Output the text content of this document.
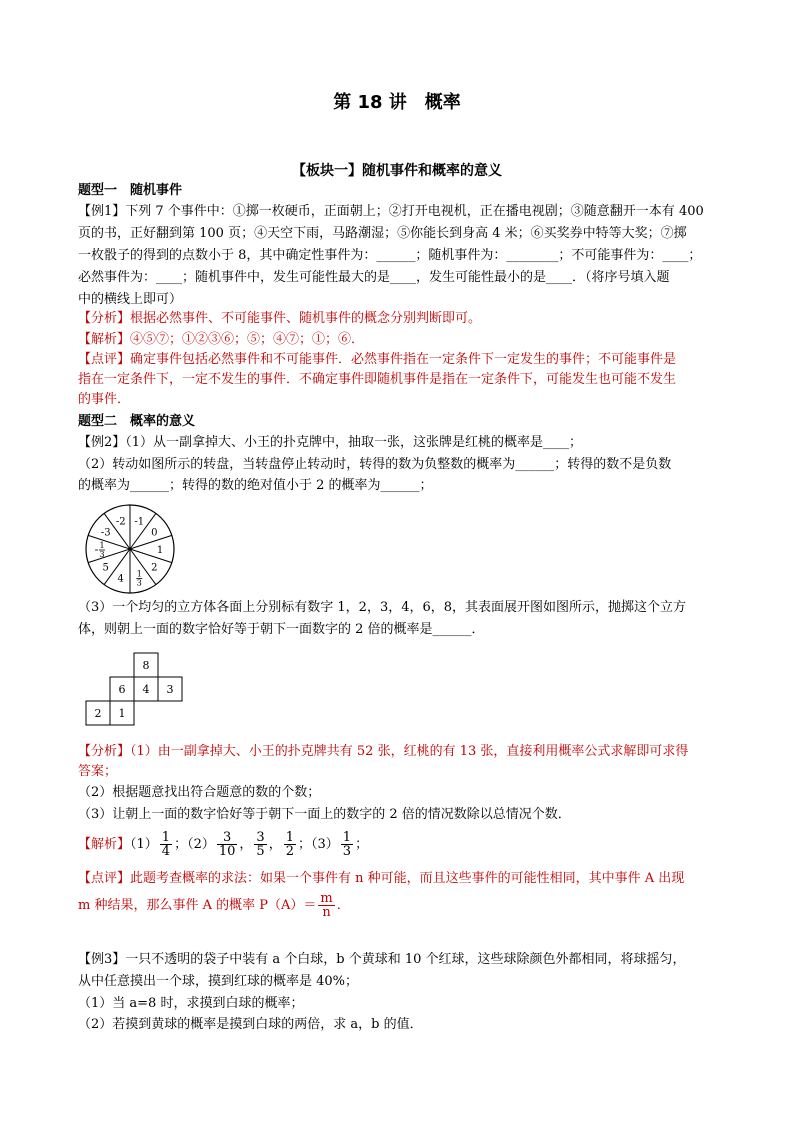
第 18 讲　概率
【板块一】随机事件和概率的意义
题型一　随机事件
【例1】下列 7 个事件中：①掷一枚硬币，正面朝上；②打开电视机，正在播电视剧；③随意翻开一本有 400
页的书，正好翻到第 100 页；④天空下雨，马路潮湿；⑤你能长到身高 4 米；⑥买奖券中特等大奖；⑦掷
一枚骰子的得到的点数小于 8，其中确定性事件为：______；随机事件为：________；不可能事件为：____；
必然事件为：____；随机事件中，发生可能性最大的是____，发生可能性最小的是____．（将序号填入题
中的横线上即可）
【分析】根据必然事件、不可能事件、随机事件的概念分别判断即可。
【解析】④⑤⑦；①②③⑥；⑤；④⑦；①；⑥．
【点评】确定事件包括必然事件和不可能事件．必然事件指在一定条件下一定发生的事件；不可能事件是
指在一定条件下，一定不发生的事件．不确定事件即随机事件是指在一定条件下，可能发生也可能不发生
的事件．
题型二　概率的意义
【例2】（1）从一副拿掉大、小王的扑克牌中，抽取一张，这张牌是红桃的概率是____；
（2）转动如图所示的转盘，当转盘停止转动时，转得的数为负整数的概率为______；转得的数不是负数
的概率为______；转得的数的绝对值小于 2 的概率为______；
-1
0
1
2
1
3
4
5
1
3
-3
-2
（3）一个均匀的立方体各面上分别标有数字 1，2，3，4，6，8，其表面展开图如图所示，抛掷这个立方
体，则朝上一面的数字恰好等于朝下一面数字的 2 倍的概率是______．
8
6 4 3
2 1
【分析】（1）由一副拿掉大、小王的扑克牌共有 52 张，红桃的有 13 张，直接利用概率公式求解即可求得
答案；
（2）根据题意找出符合题意的数的个数；
（3）让朝上一面的数字恰好等于朝下一面上的数字的 2 倍的情况数除以总情况个数．
【解析】$(1) \frac{1}{4}$ ；$(2) \frac{3}{10}$ ， $\frac{3}{5}$ ， $\frac{1}{2}$ ；$(3) \frac{1}{3}$ ；
【点评】此题考查概率的求法：如果一个事件有 n 种可能，而且这些事件的可能性相同，其中事件 A 出现
m 种结果，那么事件 A 的概率 $P(A)= \frac{m}{n}$ ．
【例3】一只不透明的袋子中装有 a 个白球，b 个黄球和 10 个红球，这些球除颜色外都相同，将球摇匀，
从中任意摸出一个球，摸到红球的概率是 40%；
（1）当 a=8 时，求摸到白球的概率；
（2）若摸到黄球的概率是摸到白球的两倍，求 a，b 的值．
